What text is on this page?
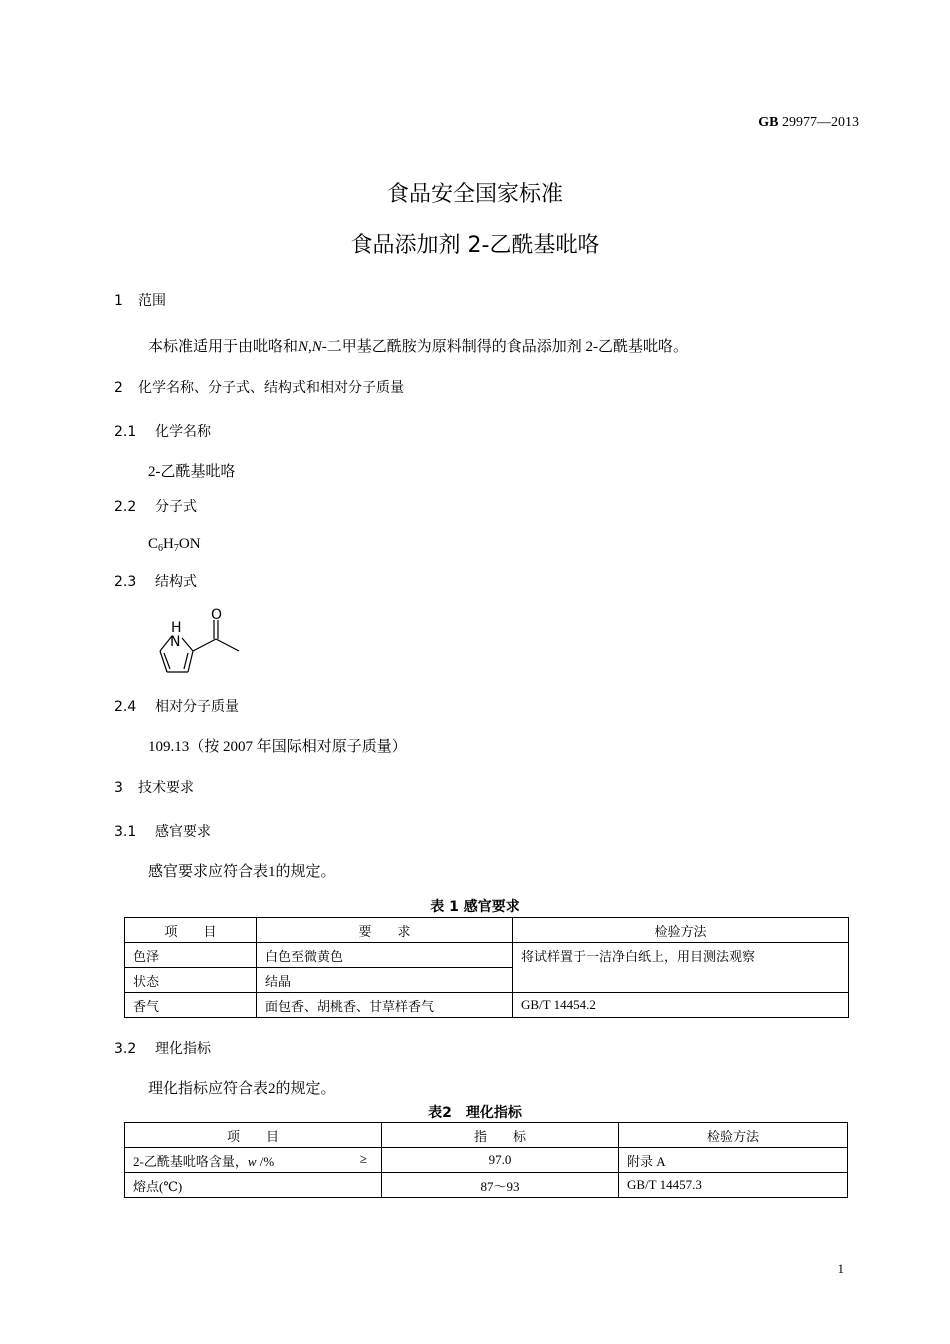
GB 29977—2013
食品安全国家标准
食品添加剂 2-乙酰基吡咯
1 范围
本标准适用于由吡咯和N,N-二甲基乙酰胺为原料制得的食品添加剂 2-乙酰基吡咯。
2 化学名称、分子式、结构式和相对分子质量
2.1 化学名称
2-乙酰基吡咯
2.2 分子式
$C_6H_7ON$
2.3 结构式
O
H
N
2.4 相对分子质量
109.13（按 2007 年国际相对原子质量）
3 技术要求
3.1 感官要求
感官要求应符合表1的规定。
表 1 感官要求
项　　目	要　　求	检验方法
色泽	白色至微黄色	将试样置于一洁净白纸上，用目测法观察
状态	结晶	
香气	面包香、胡桃香、甘草样香气	GB/T 14454.2
3.2 理化指标
理化指标应符合表2的规定。
表2　理化指标
项　　目	指　　标	检验方法
2-乙酰基吡咯含量，w /% ≥	97.0	附录 A
熔点(℃)	87～93	GB/T 14457.3
1
